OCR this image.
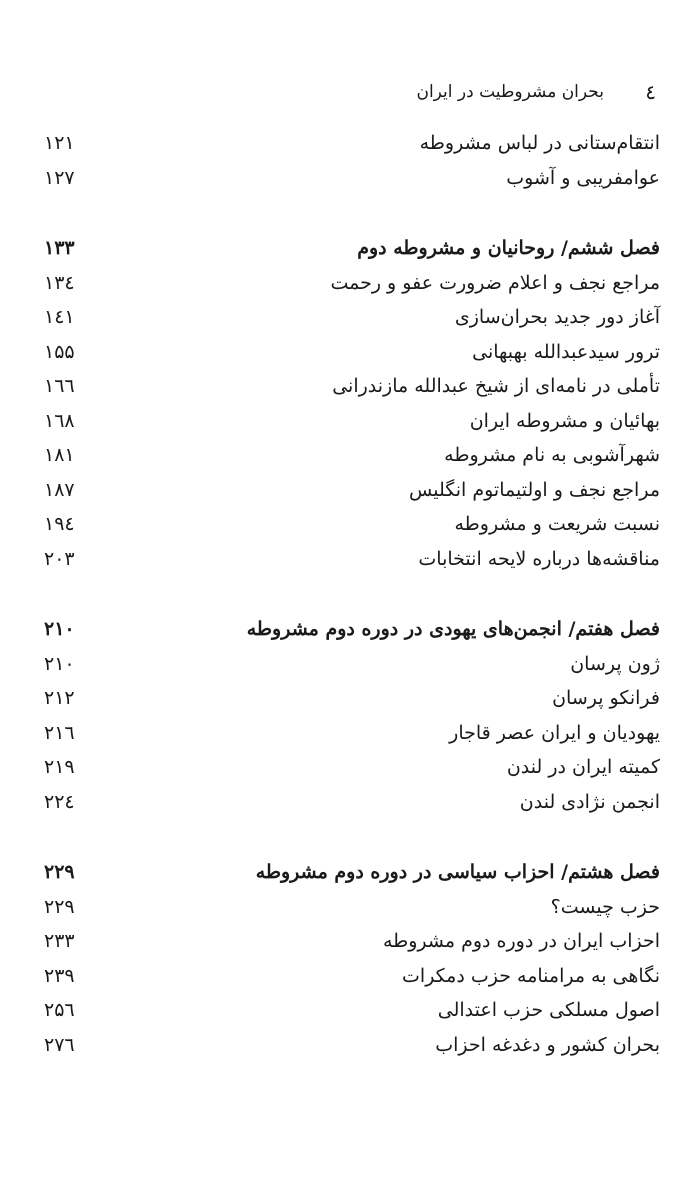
٤
بحران مشروطیت در ایران
انتقام‌ستانی در لباس مشروطه
۱۲۱
عوامفریبی و آشوب
۱۲۷
فصل ششم/ روحانیان و مشروطه دوم
۱۳۳
مراجع نجف و اعلام ضرورت عفو و رحمت
۱۳٤
آغاز دور جدید بحران‌سازی
۱٤۱
ترور سیدعبدالله بهبهانی
۱۵۵
تأملی در نامه‌ای از شیخ عبدالله مازندرانی
۱٦٦
بهائیان و مشروطه ایران
۱٦۸
شهرآشوبی به نام مشروطه
۱۸۱
مراجع نجف و اولتیماتوم انگلیس
۱۸۷
نسبت شریعت و مشروطه
۱۹٤
مناقشه‌ها درباره لایحه انتخابات
۲۰۳
فصل هفتم/ انجمن‌های یهودی در دوره دوم مشروطه
۲۱۰
ژون پرسان
۲۱۰
فرانکو پرسان
۲۱۲
یهودیان و ایران عصر قاجار
۲۱٦
کمیته ایران در لندن
۲۱۹
انجمن نژادی لندن
۲۲٤
فصل هشتم/ احزاب سیاسی در دوره دوم مشروطه
۲۲۹
حزب چیست؟
۲۲۹
احزاب ایران در دوره دوم مشروطه
۲۳۳
نگاهی به مرامنامه حزب دمکرات
۲۳۹
اصول مسلکی حزب اعتدالی
۲۵٦
بحران کشور و دغدغه احزاب
۲۷٦
